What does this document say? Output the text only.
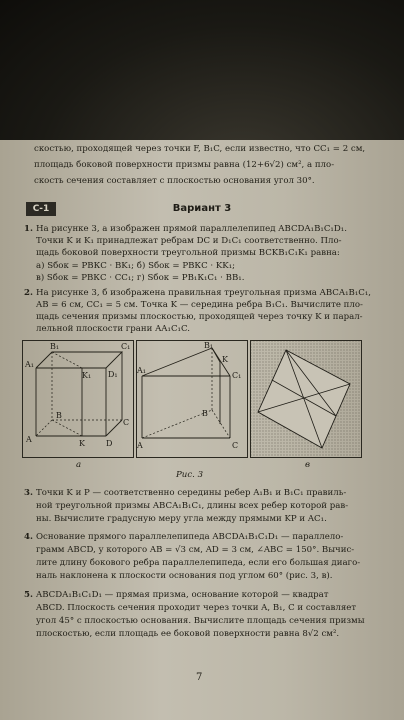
скостью, проходящей через точки F, B₁C, если известно, что CC₁ = 2 см,
площадь боковой поверхности призмы равна (12+6√2) см², а пло-
скость сечения составляет с плоскостью основания угол 30°.
С-1	Вариант 3
1. На рисунке 3, а изображен прямой параллелепипед ABCDA₁B₁C₁D₁.
Точки K и K₁ принадлежат ребрам DC и D₁C₁ соответственно. Пло-
щадь боковой поверхности треугольной призмы BCKB₁C₁K₁ равна:
а) Sбок = PВКС · BK₁; б) Sбок = PВКС · KK₁;
в) Sбок = PВКС · CC₁; г) Sбок = PВ₁К₁С₁ · BB₁.
2. На рисунке 3, б изображена правильная треугольная призма ABCA₁B₁C₁,
AB = 6 см, CC₁ = 5 см. Точка K — середина ребра B₁C₁. Вычислите пло-
щадь сечения призмы плоскостью, проходящей через точку K и парал-
лельной плоскости грани AA₁C₁C.
B₁	C₁
A₁
K₁ D₁
B
C
A	K	D
а
B₁
K
A₁
C₁
B
A	C
в
Рис. 3
3. Точки K и P — соответственно середины ребер A₁B₁ и B₁C₁ правиль-
ной треугольной призмы ABCA₁B₁C₁, длины всех ребер которой рав-
ны. Вычислите градусную меру угла между прямыми KP и AC₁.
4. Основание прямого параллелепипеда ABCDA₁B₁C₁D₁ — параллело-
грамм ABCD, у которого AB = √3 см, AD = 3 см, ∠ABC = 150°. Вычис-
лите длину бокового ребра параллелепипеда, если его большая диаго-
наль наклонена к плоскости основания под углом 60° (рис. 3, в).
5. ABCDA₁B₁C₁D₁ — прямая призма, основание которой — квадрат
ABCD. Плоскость сечения проходит через точки A, B₁, C и составляет
угол 45° с плоскостью основания. Вычислите площадь сечения призмы
плоскостью, если площадь ее боковой поверхности равна 8√2 см².
7
